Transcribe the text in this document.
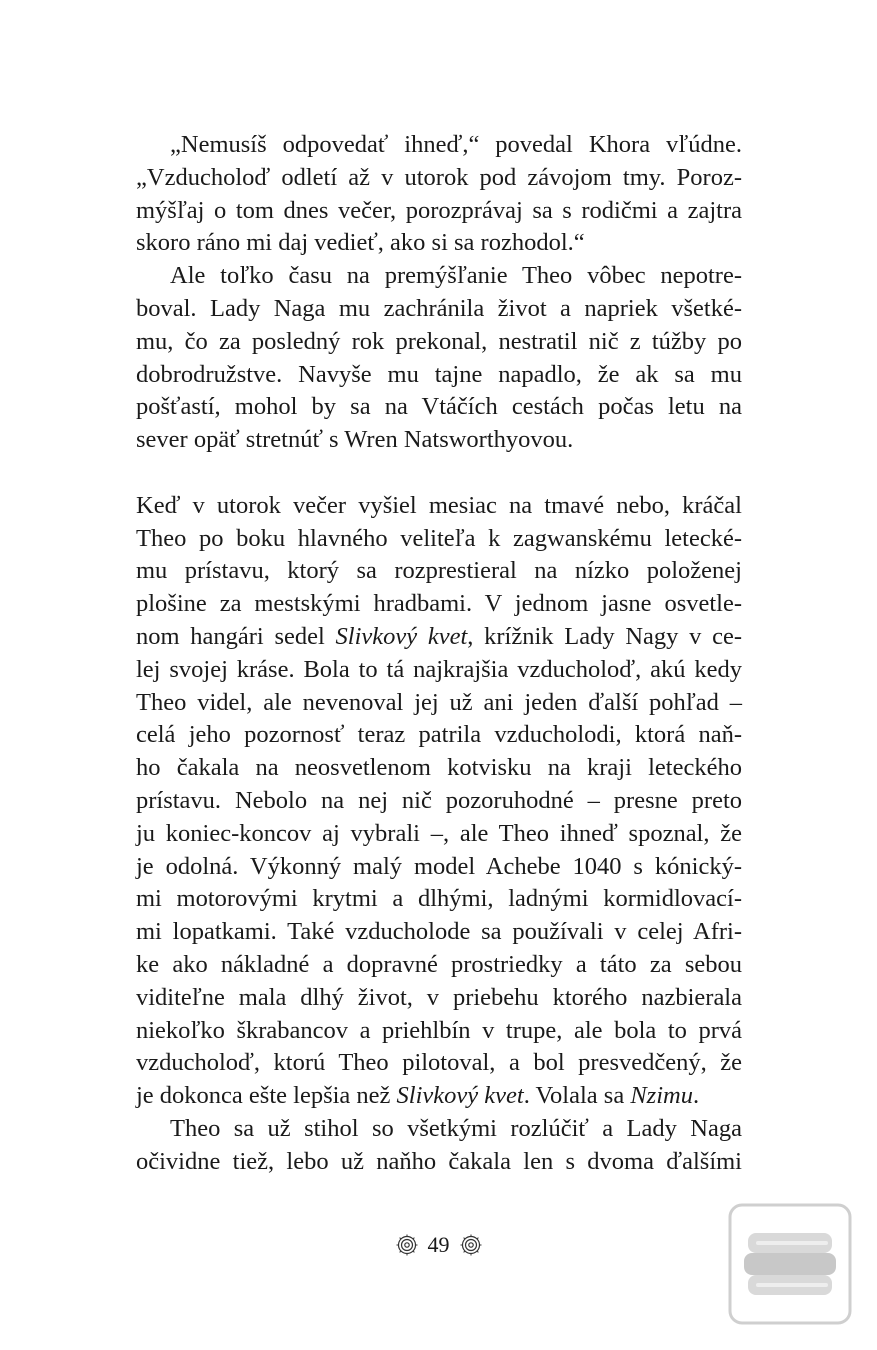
„Nemusíš odpovedať ihneď,“ povedal Khora vľúdne.
„Vzducholoď odletí až v utorok pod závojom tmy. Poroz-
mýšľaj o tom dnes večer, porozprávaj sa s rodičmi a zajtra
skoro ráno mi daj vedieť, ako si sa rozhodol.“
Ale toľko času na premýšľanie Theo vôbec nepotre-
boval. Lady Naga mu zachránila život a napriek všetké-
mu, čo za posledný rok prekonal, nestratil nič z túžby po
dobrodružstve. Navyše mu tajne napadlo, že ak sa mu
pošťastí, mohol by sa na Vtáčích cestách počas letu na
sever opäť stretnúť s Wren Natsworthyovou.
Keď v utorok večer vyšiel mesiac na tmavé nebo, kráčal
Theo po boku hlavného veliteľa k zagwanskému letecké-
mu prístavu, ktorý sa rozprestieral na nízko položenej
plošine za mestskými hradbami. V jednom jasne osvetle-
nom hangári sedel Slivkový kvet, krížnik Lady Nagy v ce-
lej svojej kráse. Bola to tá najkrajšia vzducholoď, akú kedy
Theo videl, ale nevenoval jej už ani jeden ďalší pohľad –
celá jeho pozornosť teraz patrila vzducholodi, ktorá naň-
ho čakala na neosvetlenom kotvisku na kraji leteckého
prístavu. Nebolo na nej nič pozoruhodné – presne preto
ju koniec-koncov aj vybrali –, ale Theo ihneď spoznal, že
je odolná. Výkonný malý model Achebe 1040 s kónický-
mi motorovými krytmi a dlhými, ladnými kormidlovací-
mi lopatkami. Také vzducholode sa používali v celej Afri-
ke ako nákladné a dopravné prostriedky a táto za sebou
viditeľne mala dlhý život, v priebehu ktorého nazbierala
niekoľko škrabancov a priehlbín v trupe, ale bola to prvá
vzducholoď, ktorú Theo pilotoval, a bol presvedčený, že
je dokonca ešte lepšia než Slivkový kvet. Volala sa Nzimu.
Theo sa už stihol so všetkými rozlúčiť a Lady Naga
očividne tiež, lebo už naňho čakala len s dvoma ďalšími
49
